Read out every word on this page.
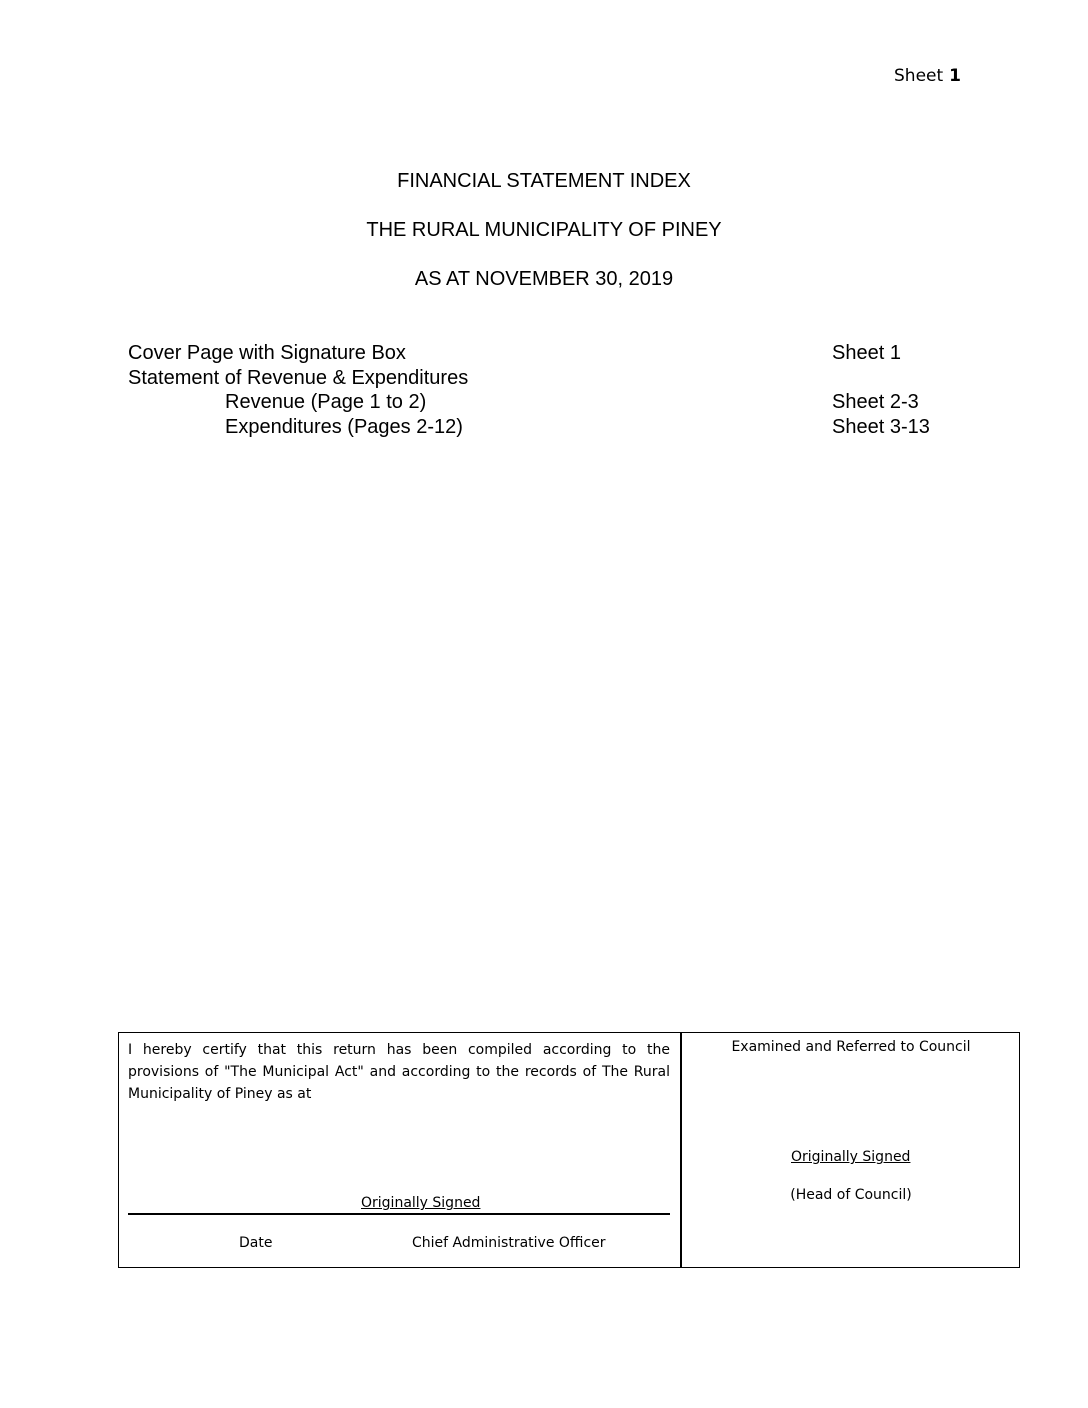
Sheet 1
FINANCIAL STATEMENT INDEX
THE RURAL MUNICIPALITY OF PINEY
AS AT NOVEMBER 30, 2019
Cover Page with Signature Box	Sheet 1
Statement of Revenue & Expenditures
Revenue (Page 1 to 2)	Sheet 2-3
Expenditures (Pages 2-12)	Sheet 3-13
I hereby certify that this return has been compiled according to the provisions of "The Municipal Act" and according to the records of The Rural Municipality of Piney as at
Originally Signed
Date	Chief Administrative Officer
Examined and Referred to Council
Originally Signed
(Head of Council)
